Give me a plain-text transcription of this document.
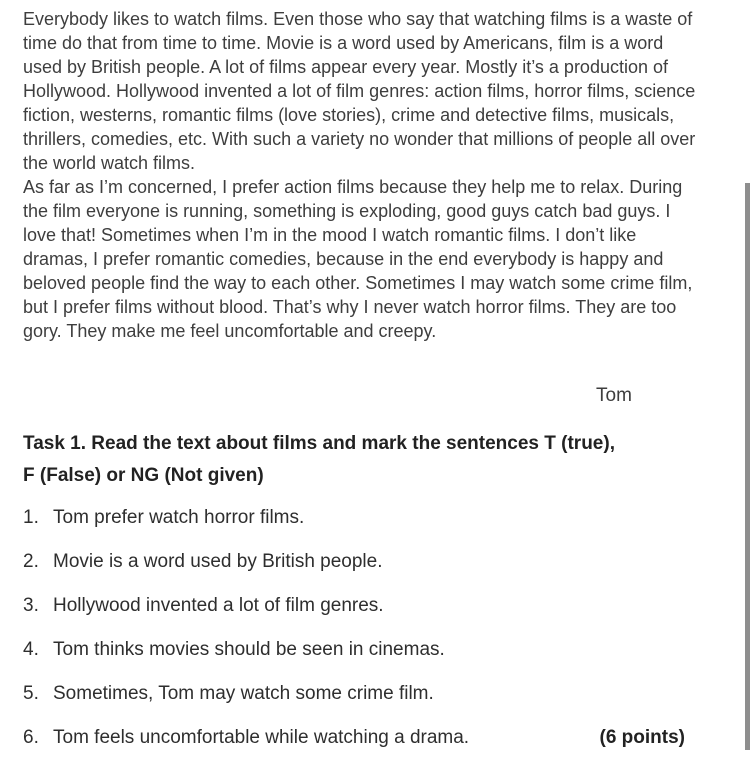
Everybody likes to watch films. Even those who say that watching films is a waste of
time do that from time to time. Movie is a word used by Americans, film is a word
used by British people. A lot of films appear every year. Mostly it’s a production of
Hollywood. Hollywood invented a lot of film genres: action films, horror films, science
fiction, westerns, romantic films (love stories), crime and detective films, musicals,
thrillers, comedies, etc. With such a variety no wonder that millions of people all over
the world watch films.

As far as I’m concerned, I prefer action films because they help me to relax. During
the film everyone is running, something is exploding, good guys catch bad guys. I
love that! Sometimes when I’m in the mood I watch romantic films. I don’t like
dramas, I prefer romantic comedies, because in the end everybody is happy and
beloved people find the way to each other. Sometimes I may watch some crime film,
but I prefer films without blood. That’s why I never watch horror films. They are too
gory. They make me feel uncomfortable and creepy.

Tom

Task 1. Read the text about films and mark the sentences T (true),
F (False) or NG (Not given)

1. Tom prefer watch horror films.
2. Movie is a word used by British people.
3. Hollywood invented a lot of film genres.
4. Tom thinks movies should be seen in cinemas.
5. Sometimes, Tom may watch some crime film.
6. Tom feels uncomfortable while watching a drama.	(6 points)
